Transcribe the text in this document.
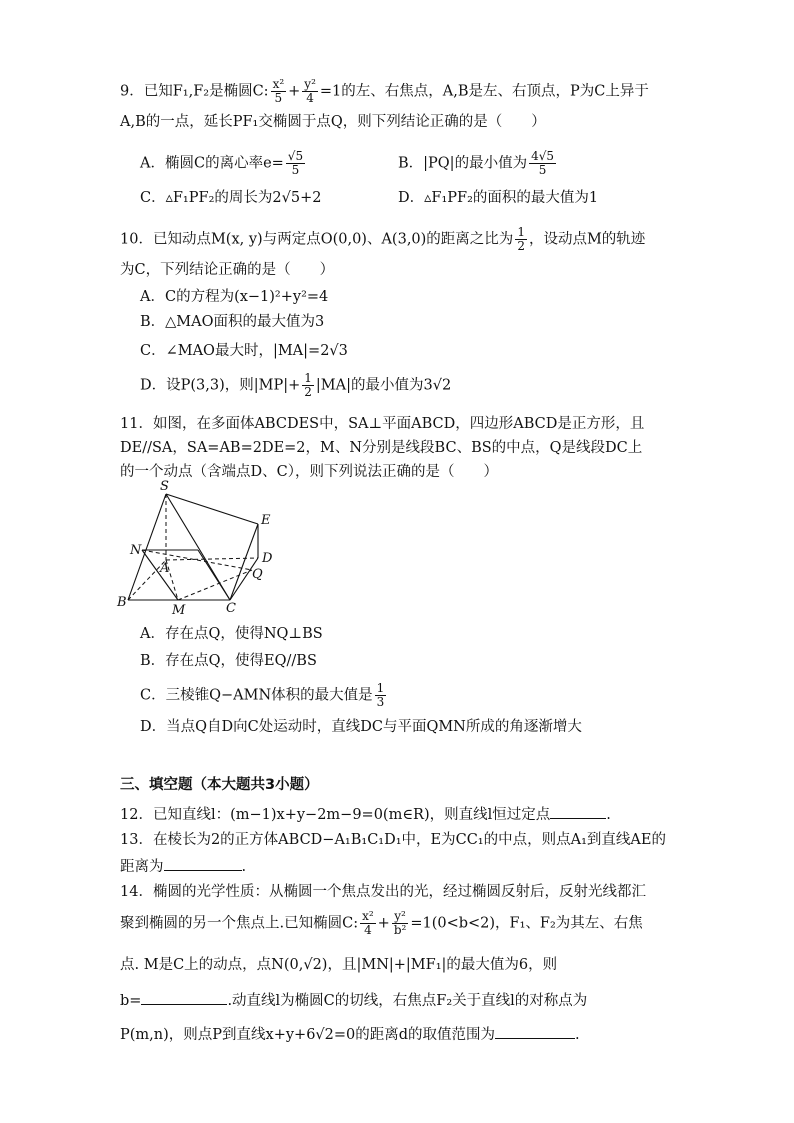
9．已知F₁,F₂是椭圆C: $\frac{\text{x²}}{5} + \frac{\text{y²}}{4} =1$的左、右焦点，A,B是左、右顶点，P为C上异于
A,B的一点，延长PF₁交椭圆于点Q，则下列结论正确的是（　　）
A．椭圆C的离心率$e= \frac{√5}{5}$	B．|PQ|的最小值为 $\frac{4√5}{5}$
C．▵F₁PF₂的周长为2√5+2	D．▵F₁PF₂的面积的最大值为1
10．已知动点M(x, y)与两定点O(0,0)、A(3,0)的距离之比为 $\frac{1}{2}$ ，设动点M的轨迹
为C，下列结论正确的是（　　）
A．C的方程为(x−1)²+y²=4
B．△MAO面积的最大值为3
C．∠MAO最大时，|MA|=2√3
D．设P(3,3)，则$|MP|+ \frac{1}{2} |MA|$的最小值为3√2
11．如图，在多面体ABCDES中，SA⊥平面ABCD，四边形ABCD是正方形，且
DE//SA，SA=AB=2DE=2，M、N分别是线段BC、BS的中点，Q是线段DC上
的一个动点（含端点D、C），则下列说法正确的是（　　）
S
E
N
A
D
Q
B
M	C
A．存在点Q，使得NQ⊥BS
B．存在点Q，使得EQ//BS
C．三棱锥Q−AMN体积的最大值是 $\frac{1}{3}$
D．当点Q自D向C处运动时，直线DC与平面QMN所成的角逐渐增大
三、填空题（本大题共3小题）
12．已知直线l：(m−1)x+y−2m−9=0(m∈R)，则直线l恒过定点	.
13．在棱长为2的正方体ABCD−A₁B₁C₁D₁中，E为CC₁的中点，则点A₁到直线AE的
距离为	.
14．椭圆的光学性质：从椭圆一个焦点发出的光，经过椭圆反射后，反射光线都汇
聚到椭圆的另一个焦点上.已知椭圆C: $\frac{\text{x²}}{4} + \frac{\text{y²}}{\text{b²}} =1(0<b<2)$，F₁、F₂为其左、右焦
点. M是C上的动点，点N(0,√2)，且|MN|+|MF₁|的最大值为6，则
b=	.动直线l为椭圆C的切线，右焦点F₂关于直线l的对称点为
P(m,n)，则点P到直线x+y+6√2=0的距离d的取值范围为	.
